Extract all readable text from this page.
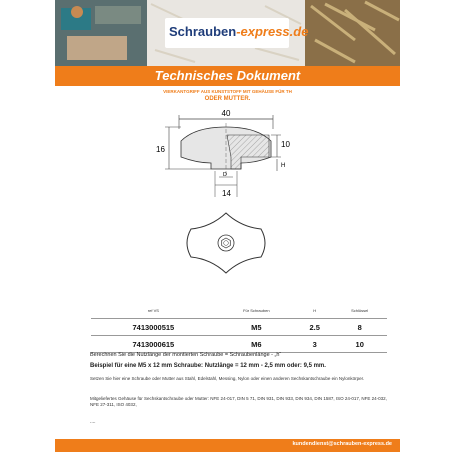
Schrauben-express.de
Technisches Dokument
VIERKANTGRIFF AUS KUNSTSTOFF MIT GEHÄUSE FÜR TH
ODER MUTTER.
40
16
10
H
D
14
ref VS	Für Schrauben	H	Schlüssel
7413000515	M5	2.5	8
7413000615	M6	3	10
Berechnen Sie die Nutzlänge der montierten Schraube = Schraubenlänge - „h“
Beispiel für eine M5 x 12 mm Schraube: Nutzlänge = 12 mm - 2,5 mm oder: 9,5 mm.
Setzen Sie hier eine Schraube oder Mutter aus Stahl, Edelstahl, Messing, Nylon oder einen anderen Sechskantschraube ein Nylonkörper.
Mitgeliefertes Gehäuse für Sechskantschraube oder Mutter: NFE 24-017, DIN 5 71, DIN 931, DIN 933, DIN 934, DIN 1587, ISO 24-017, NFE 24-032, NFE 27-311, ISO 4032,
....
kundendienst@schrauben-express.de
